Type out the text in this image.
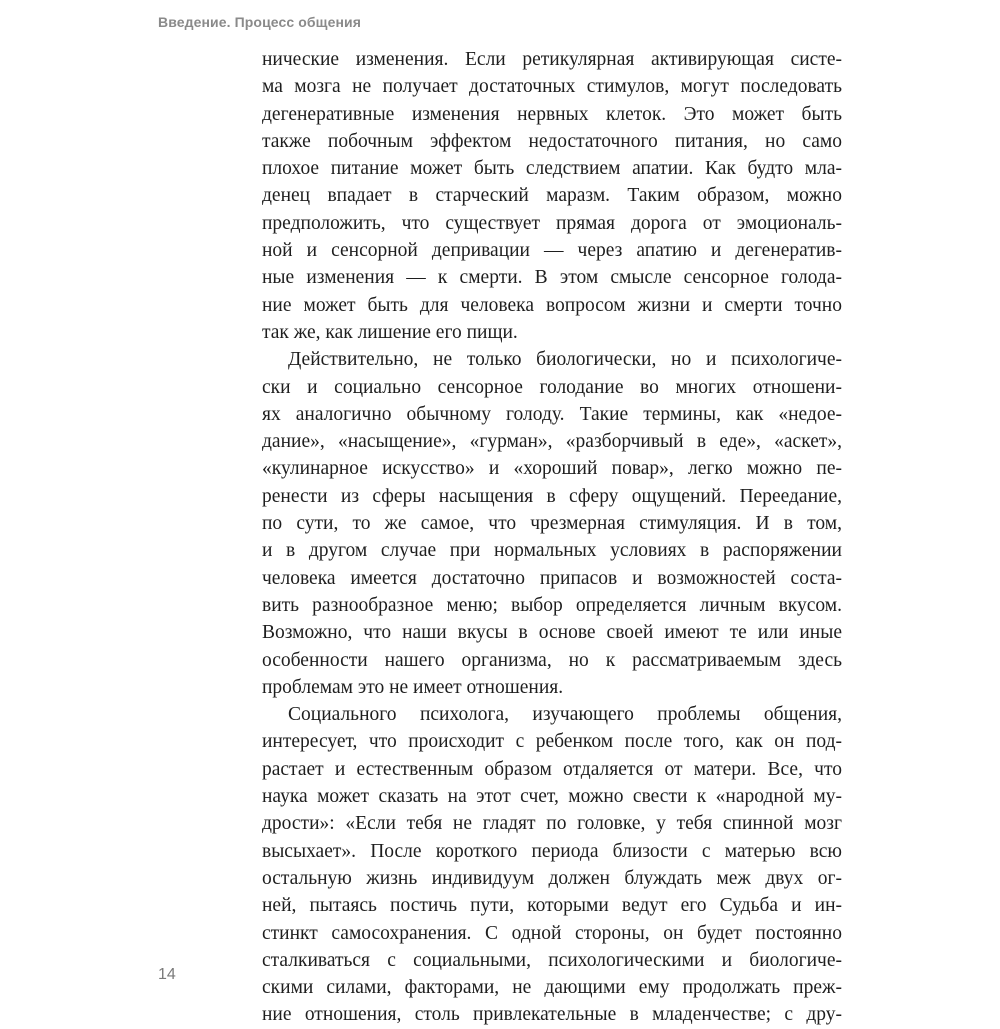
Введение. Процесс общения
нические изменения. Если ретикулярная активирующая систе-
ма мозга не получает достаточных стимулов, могут последовать
дегенеративные изменения нервных клеток. Это может быть
также побочным эффектом недостаточного питания, но само
плохое питание может быть следствием апатии. Как будто мла-
денец впадает в старческий маразм. Таким образом, можно
предположить, что существует прямая дорога от эмоциональ-
ной и сенсорной депривации — через апатию и дегенератив-
ные изменения — к смерти. В этом смысле сенсорное голода-
ние может быть для человека вопросом жизни и смерти точно
так же, как лишение его пищи.
Действительно, не только биологически, но и психологиче-
ски и социально сенсорное голодание во многих отношени-
ях аналогично обычному голоду. Такие термины, как «недое-
дание», «насыщение», «гурман», «разборчивый в еде», «аскет»,
«кулинарное искусство» и «хороший повар», легко можно пе-
ренести из сферы насыщения в сферу ощущений. Переедание,
по сути, то же самое, что чрезмерная стимуляция. И в том,
и в другом случае при нормальных условиях в распоряжении
человека имеется достаточно припасов и возможностей соста-
вить разнообразное меню; выбор определяется личным вкусом.
Возможно, что наши вкусы в основе своей имеют те или иные
особенности нашего организма, но к рассматриваемым здесь
проблемам это не имеет отношения.
Социального психолога, изучающего проблемы общения,
интересует, что происходит с ребенком после того, как он под-
растает и естественным образом отдаляется от матери. Все, что
наука может сказать на этот счет, можно свести к «народной му-
дрости»: «Если тебя не гладят по головке, у тебя спинной мозг
высыхает». После короткого периода близости с матерью всю
остальную жизнь индивидуум должен блуждать меж двух ог-
ней, пытаясь постичь пути, которыми ведут его Судьба и ин-
стинкт самосохранения. С одной стороны, он будет постоянно
сталкиваться с социальными, психологическими и биологиче-
скими силами, факторами, не дающими ему продолжать преж-
ние отношения, столь привлекательные в младенчестве; с дру-
14
